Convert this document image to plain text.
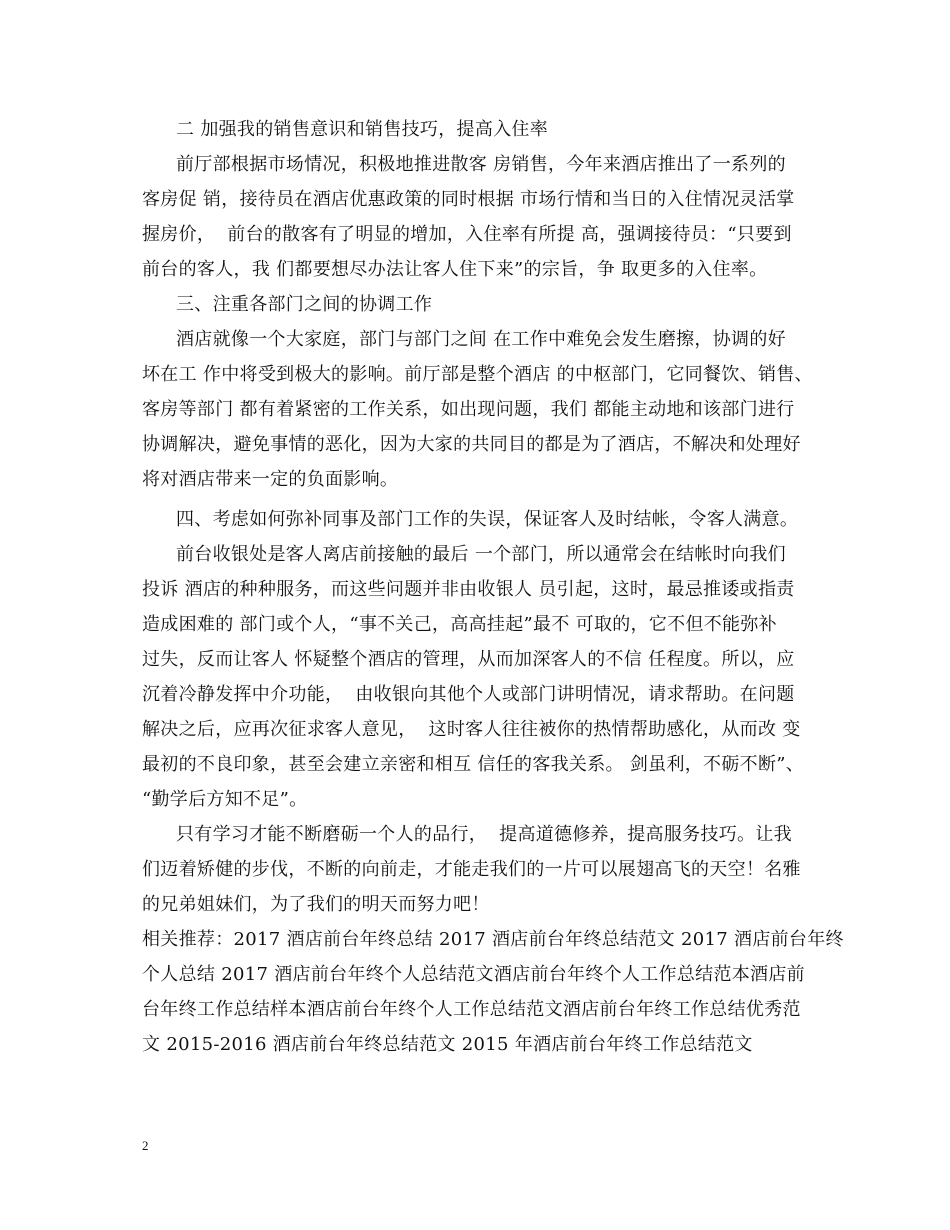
二 加强我的销售意识和销售技巧，提高入住率
前厅部根据市场情况，积极地推进散客 房销售，今年来酒店推出了一系列的
客房促 销，接待员在酒店优惠政策的同时根据 市场行情和当日的入住情况灵活掌
握房价，  前台的散客有了明显的增加，入住率有所提 高，强调接待员：“只要到
前台的客人，我 们都要想尽办法让客人住下来”的宗旨，争 取更多的入住率。
三、注重各部门之间的协调工作
酒店就像一个大家庭，部门与部门之间 在工作中难免会发生磨擦，协调的好
坏在工 作中将受到极大的影响。前厅部是整个酒店 的中枢部门，它同餐饮、销售、
客房等部门 都有着紧密的工作关系，如出现问题，我们 都能主动地和该部门进行
协调解决，避免事情的恶化，因为大家的共同目的都是为了酒店，不解决和处理好
将对酒店带来一定的负面影响。
四、考虑如何弥补同事及部门工作的失误，保证客人及时结帐，令客人满意。
前台收银处是客人离店前接触的最后 一个部门，所以通常会在结帐时向我们
投诉 酒店的种种服务，而这些问题并非由收银人 员引起，这时，最忌推诿或指责
造成困难的 部门或个人，“事不关己，高高挂起”最不 可取的，它不但不能弥补
过失，反而让客人 怀疑整个酒店的管理，从而加深客人的不信 任程度。所以，应
沉着冷静发挥中介功能，  由收银向其他个人或部门讲明情况，请求帮助。在问题
解决之后，应再次征求客人意见，  这时客人往往被你的热情帮助感化，从而改 变
最初的不良印象，甚至会建立亲密和相互 信任的客我关系。 剑虽利，不砺不断”、
“勤学后方知不足”。
只有学习才能不断磨砺一个人的品行，  提高道德修养，提高服务技巧。让我
们迈着矫健的步伐，不断的向前走，才能走我们的一片可以展翅高飞的天空！名雅
的兄弟姐妹们，为了我们的明天而努力吧！
相关推荐：2017 酒店前台年终总结 2017 酒店前台年终总结范文 2017 酒店前台年终
个人总结 2017 酒店前台年终个人总结范文酒店前台年终个人工作总结范本酒店前
台年终工作总结样本酒店前台年终个人工作总结范文酒店前台年终工作总结优秀范
文 2015-2016 酒店前台年终总结范文 2015 年酒店前台年终工作总结范文
2
